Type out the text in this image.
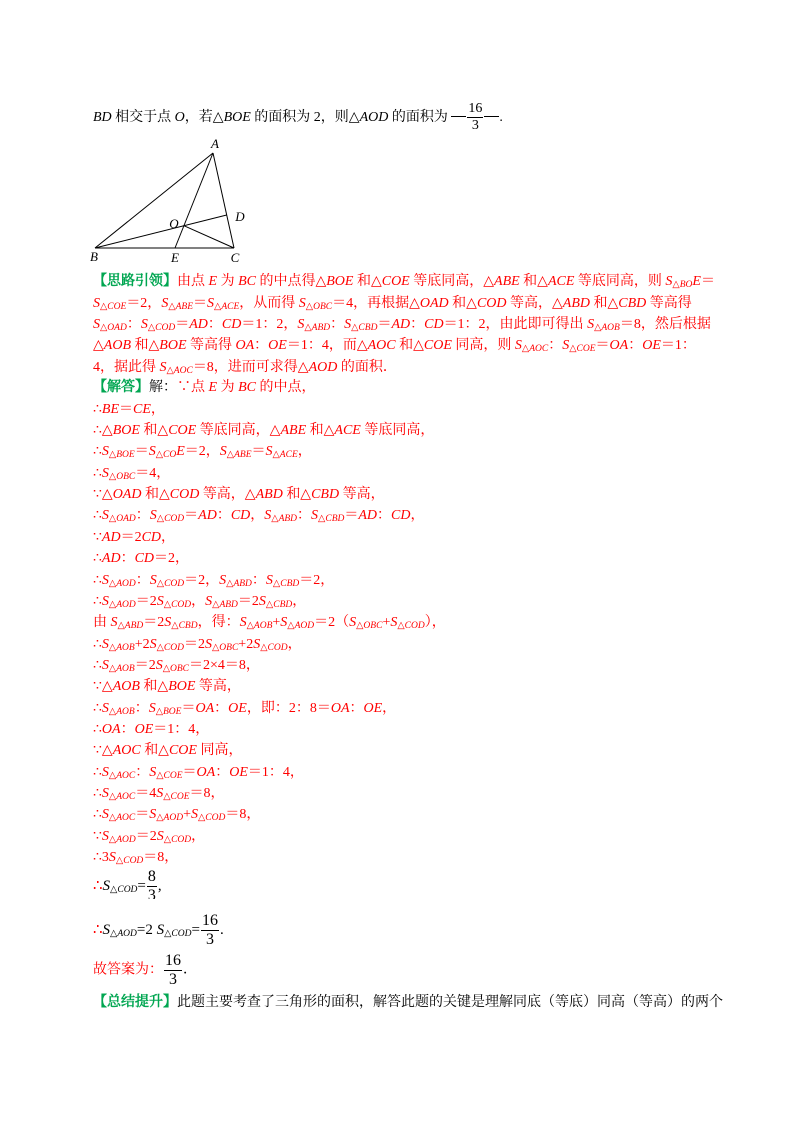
BD 相交于点 O，若△BOE 的面积为 2，则△AOD 的面积为 $\frac{16}{3}$ .
A
O	D
B	E	C
【思路引领】由点 E 为 BC 的中点得△BOE 和△COE 等底同高，△ABE 和△ACE 等底同高，则 S△BOE＝
S△COE＝2，S△ABE＝S△ACE，从而得 S△OBC＝4，再根据△OAD 和△COD 等高，△ABD 和△CBD 等高得
S△OAD：S△COD＝AD：CD＝1：2，S△ABD：S△CBD＝AD：CD＝1：2，由此即可得出 S△AOB＝8，然后根据
△AOB 和△BOE 等高得 OA：OE＝1：4，而△AOC 和△COE 同高，则 S△AOC：S△COE＝OA：OE＝1：
4，据此得 S△AOC＝8，进而可求得△AOD 的面积．
【解答】解：∵点 E 为 BC 的中点，
∴BE＝CE，
∴△BOE 和△COE 等底同高，△ABE 和△ACE 等底同高，
∴S△BOE＝S△COE＝2，S△ABE＝S△ACE，
∴S△OBC＝4，
∵△OAD 和△COD 等高，△ABD 和△CBD 等高，
∴S△OAD：S△COD＝AD：CD，S△ABD：S△CBD＝AD：CD，
∵AD＝2CD，
∴AD：CD＝2，
∴S△AOD：S△COD＝2，S△ABD：S△CBD＝2，
∴S△AOD＝2S△COD，S△ABD＝2S△CBD，
由 S△ABD＝2S△CBD，得：S△AOB+S△AOD＝2（S△OBC+S△COD），
∴S△AOB+2S△COD＝2S△OBC+2S△COD，
∴S△AOB＝2S△OBC＝2×4＝8，
∵△AOB 和△BOE 等高，
∴S△AOB：S△BOE＝OA：OE，即：2：8＝OA：OE，
∴OA：OE＝1：4，
∵△AOC 和△COE 同高，
∴S△AOC：S△COE＝OA：OE＝1：4，
∴S△AOC＝4S△COE＝8，
∴S△AOC＝S△AOD+S△COD＝8，
∵S△AOD＝2S△COD，
∴3S△COD＝8，
∴S△COD= $\frac{8}{3}$ ,
∴S△AOD=2 S△COD= $\frac{16}{3}$ .
故答案为： $\frac{16}{3}$ ．
【总结提升】此题主要考查了三角形的面积，解答此题的关键是理解同底（等底）同高（等高）的两个
